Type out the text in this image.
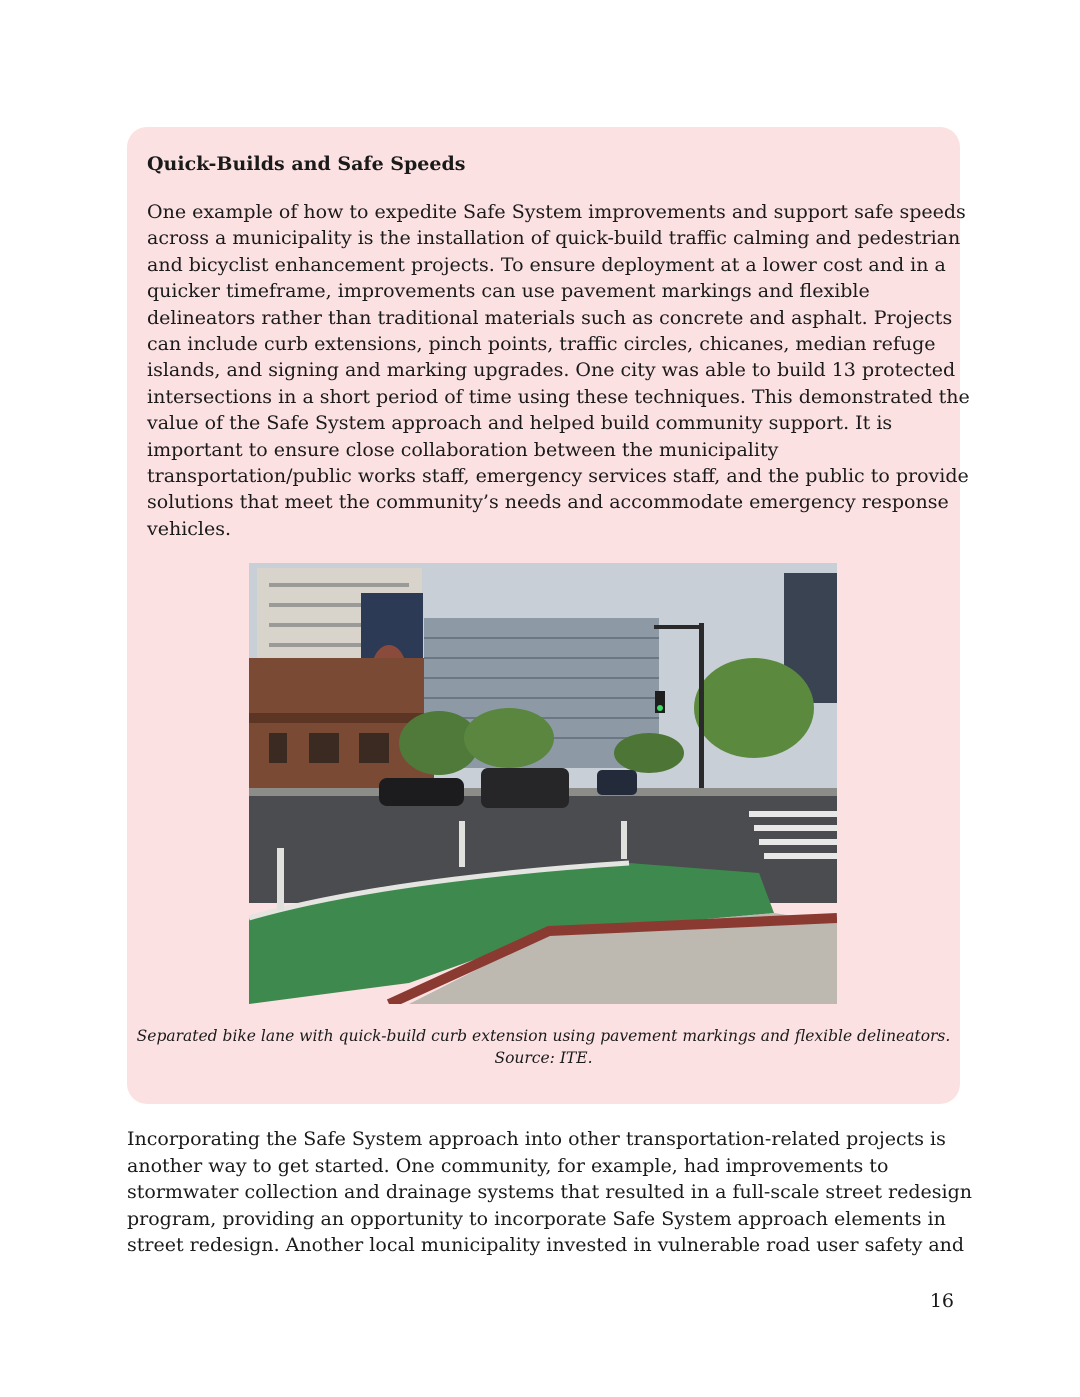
Quick-Builds and Safe Speeds

One example of how to expedite Safe System improvements and support safe speeds
across a municipality is the installation of quick-build traffic calming and pedestrian
and bicyclist enhancement projects. To ensure deployment at a lower cost and in a
quicker timeframe, improvements can use pavement markings and flexible
delineators rather than traditional materials such as concrete and asphalt. Projects
can include curb extensions, pinch points, traffic circles, chicanes, median refuge
islands, and signing and marking upgrades. One city was able to build 13 protected
intersections in a short period of time using these techniques. This demonstrated the
value of the Safe System approach and helped build community support. It is
important to ensure close collaboration between the municipality
transportation/public works staff, emergency services staff, and the public to provide
solutions that meet the community’s needs and accommodate emergency response
vehicles.

Separated bike lane with quick-build curb extension using pavement markings and flexible delineators.

Source: ITE.

Incorporating the Safe System approach into other transportation-related projects is
another way to get started. One community, for example, had improvements to
stormwater collection and drainage systems that resulted in a full-scale street redesign
program, providing an opportunity to incorporate Safe System approach elements in
street redesign. Another local municipality invested in vulnerable road user safety and

16
